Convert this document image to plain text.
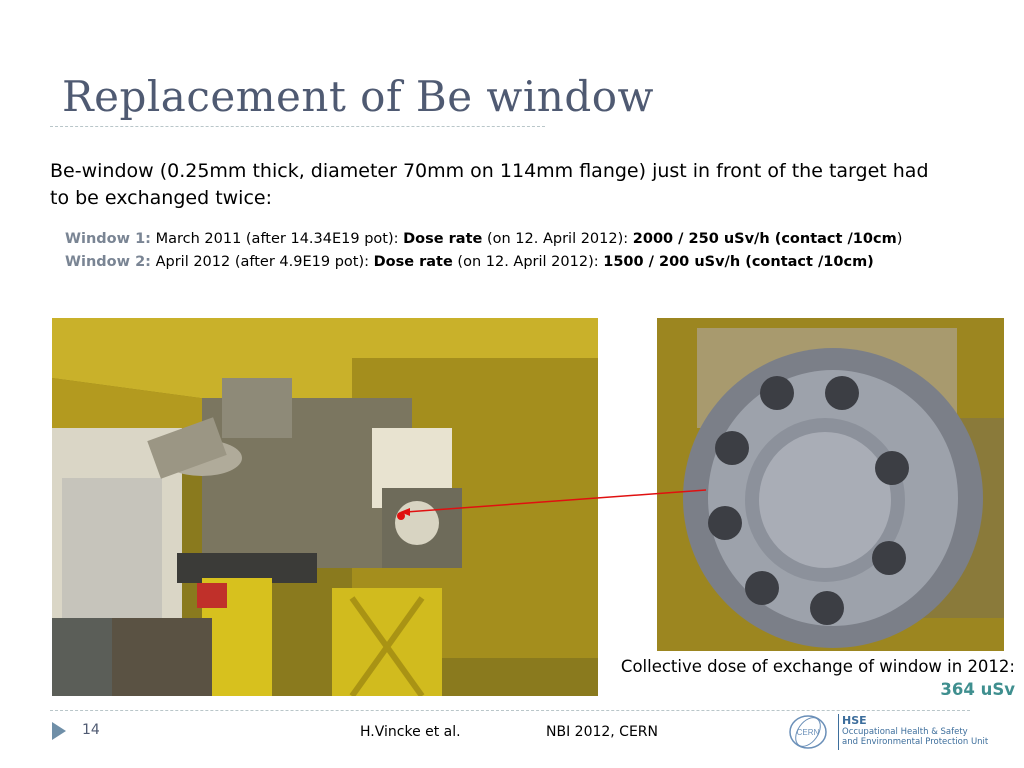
Replacement of Be window
Be-window (0.25mm thick, diameter 70mm on 114mm flange) just in front of the target had to be exchanged twice:
Window 1: March 2011 (after 14.34E19 pot): Dose rate (on 12. April 2012): 2000 / 250 uSv/h (contact /10cm)
Window 2: April 2012 (after 4.9E19 pot): Dose rate (on 12. April 2012): 1500 / 200 uSv/h (contact /10cm)
Collective dose of exchange of window in 2012:
364 uSv
14	H.Vincke et al.	NBI 2012, CERN	CERN
HSE
Occupational Health & Safety
and Environmental Protection Unit
